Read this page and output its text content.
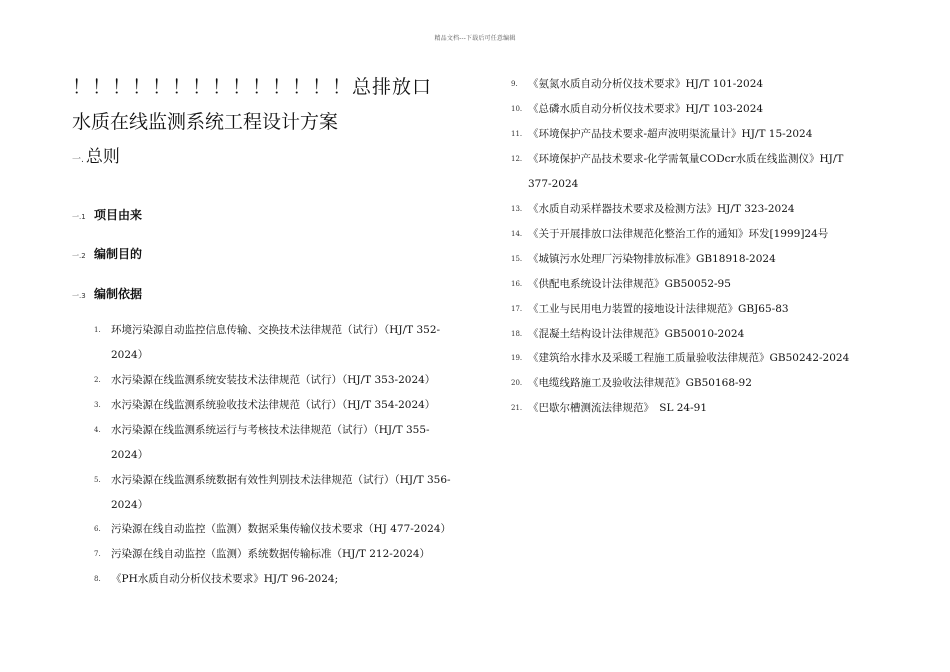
精品文档---下载后可任意编辑
！！！！！！！！！！！！！！总排放口
水质在线监测系统工程设计方案
一. 总则
一.1 项目由来
一.2 编制目的
一.3 编制依据
1. 环境污染源自动监控信息传输、交换技术法律规范（试行）（HJ/T 352-2024）
2. 水污染源在线监测系统安装技术法律规范（试行）（HJ/T 353-2024）
3. 水污染源在线监测系统验收技术法律规范（试行）（HJ/T 354-2024）
4. 水污染源在线监测系统运行与考核技术法律规范（试行）（HJ/T 355-2024）
5. 水污染源在线监测系统数据有效性判别技术法律规范（试行）（HJ/T 356-2024）
6. 污染源在线自动监控（监测）数据采集传输仪技术要求（HJ 477-2024）
7. 污染源在线自动监控（监测）系统数据传输标准（HJ/T 212-2024）
8. 《PH水质自动分析仪技术要求》HJ/T 96-2024;
9. 《氨氮水质自动分析仪技术要求》HJ/T 101-2024
10. 《总磷水质自动分析仪技术要求》HJ/T 103-2024
11. 《环境保护产品技术要求-超声波明渠流量计》HJ/T 15-2024
12. 《环境保护产品技术要求-化学需氧量CODcr水质在线监测仪》HJ/T 377-2024
13. 《水质自动采样器技术要求及检测方法》HJ/T 323-2024
14. 《关于开展排放口法律规范化整治工作的通知》环发[1999]24号
15. 《城镇污水处理厂污染物排放标准》GB18918-2024
16. 《供配电系统设计法律规范》GB50052-95
17. 《工业与民用电力装置的接地设计法律规范》GBJ65-83
18. 《混凝土结构设计法律规范》GB50010-2024
19. 《建筑给水排水及采暖工程施工质量验收法律规范》GB50242-2024
20. 《电缆线路施工及验收法律规范》GB50168-92
21. 《巴歇尔槽测流法律规范》　SL 24-91
